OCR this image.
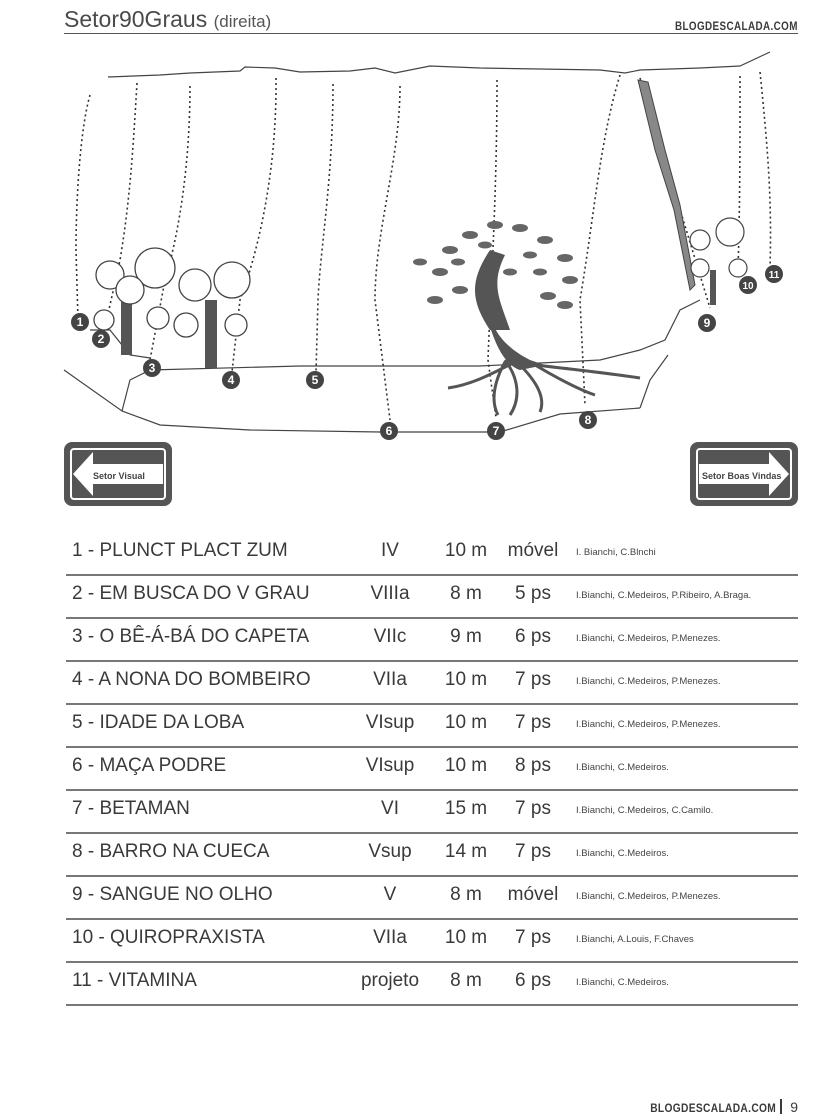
Setor90Graus (direita)	BLOGDESCALADA.COM
1
2
3
4	5
6	7
8
9
10
11
Setor Visual	Setor Boas Vindas
1 - PLUNCT PLACT ZUM	IV	10 m	móvel	I. Bianchi, C.Blnchi
2 - EM BUSCA DO V GRAU	VIIIa	8 m	5 ps	I.Bianchi, C.Medeiros, P.Ribeiro, A.Braga.
3 - O BÊ-Á-BÁ DO CAPETA	VIIc	9 m	6 ps	I.Bianchi, C.Medeiros, P.Menezes.
4 - A NONA DO BOMBEIRO	VIIa	10 m	7 ps	I.Bianchi, C.Medeiros, P.Menezes.
5 - IDADE DA LOBA	VIsup	10 m	7 ps	I.Bianchi, C.Medeiros, P.Menezes.
6 - MAÇA PODRE	VIsup	10 m	8 ps	I.Bianchi, C.Medeiros.
7 - BETAMAN	VI	15 m	7 ps	I.Bianchi, C.Medeiros, C.Camilo.
8 - BARRO NA CUECA	Vsup	14 m	7 ps	I.Bianchi, C.Medeiros.
9 - SANGUE NO OLHO	V	8 m	móvel	I.Bianchi, C.Medeiros, P.Menezes.
10 - QUIROPRAXISTA	VIIa	10 m	7 ps	I.Bianchi, A.Louis, F.Chaves
11 - VITAMINA	projeto	8 m	6 ps	I.Bianchi, C.Medeiros.
BLOGDESCALADA.COM 9
